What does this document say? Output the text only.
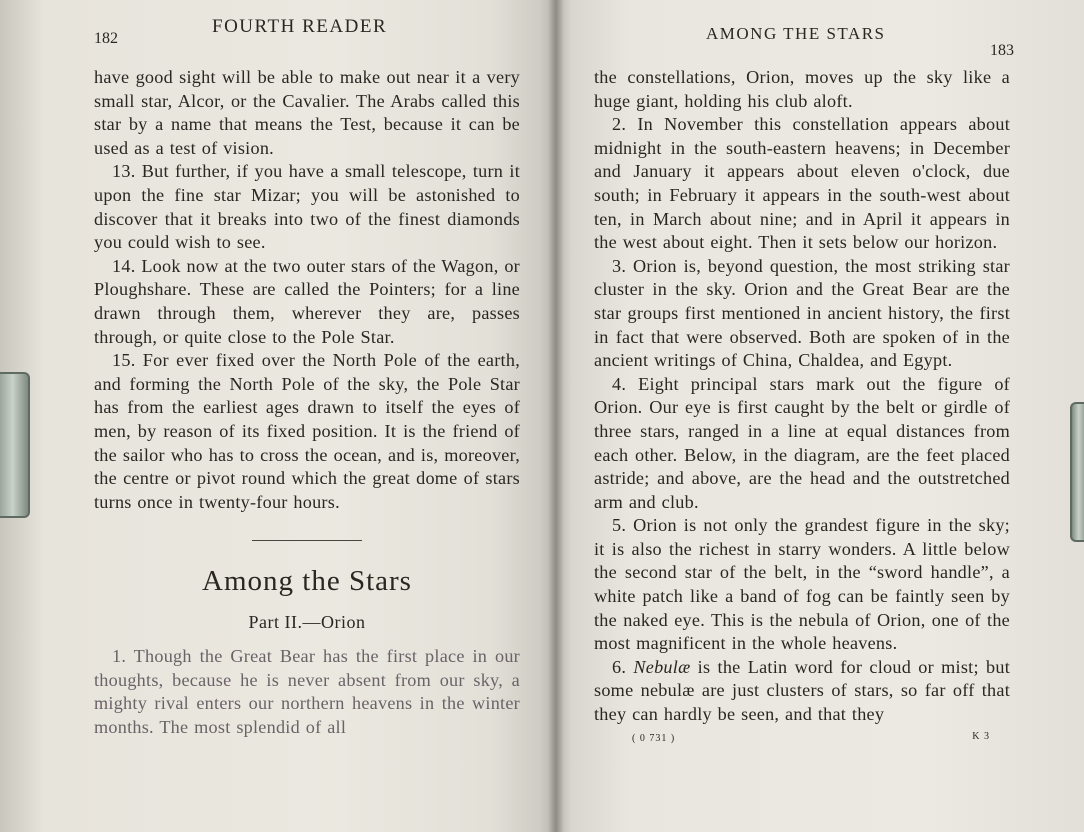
182
FOURTH READER

have good sight will be able to make out near it a very small star, Alcor, or the Cavalier. The Arabs called this star by a name that means the Test, because it can be used as a test of vision.

13. But further, if you have a small telescope, turn it upon the fine star Mizar; you will be astonished to discover that it breaks into two of the finest diamonds you could wish to see.

14. Look now at the two outer stars of the Wagon, or Ploughshare. These are called the Pointers; for a line drawn through them, wherever they are, passes through, or quite close to the Pole Star.

15. For ever fixed over the North Pole of the earth, and forming the North Pole of the sky, the Pole Star has from the earliest ages drawn to itself the eyes of men, by reason of its fixed position. It is the friend of the sailor who has to cross the ocean, and is, moreover, the centre or pivot round which the great dome of stars turns once in twenty-four hours.

Among the Stars
Part II.—Orion

1. Though the Great Bear has the first place in our thoughts, because he is never absent from our sky, a mighty rival enters our northern heavens in the winter months. The most splendid of all

AMONG THE STARS
183

the constellations, Orion, moves up the sky like a huge giant, holding his club aloft.

2. In November this constellation appears about midnight in the south-eastern heavens; in December and January it appears about eleven o'clock, due south; in February it appears in the south-west about ten, in March about nine; and in April it appears in the west about eight. Then it sets below our horizon.

3. Orion is, beyond question, the most striking star cluster in the sky. Orion and the Great Bear are the star groups first mentioned in ancient history, the first in fact that were observed. Both are spoken of in the ancient writings of China, Chaldea, and Egypt.

4. Eight principal stars mark out the figure of Orion. Our eye is first caught by the belt or girdle of three stars, ranged in a line at equal distances from each other. Below, in the diagram, are the feet placed astride; and above, are the head and the outstretched arm and club.

5. Orion is not only the grandest figure in the sky; it is also the richest in starry wonders. A little below the second star of the belt, in the “sword handle”, a white patch like a band of fog can be faintly seen by the naked eye. This is the nebula of Orion, one of the most magnificent in the whole heavens.

6. Nebulæ is the Latin word for cloud or mist; but some nebulæ are just clusters of stars, so far off that they can hardly be seen, and that they

( 0 731 )	K 3
